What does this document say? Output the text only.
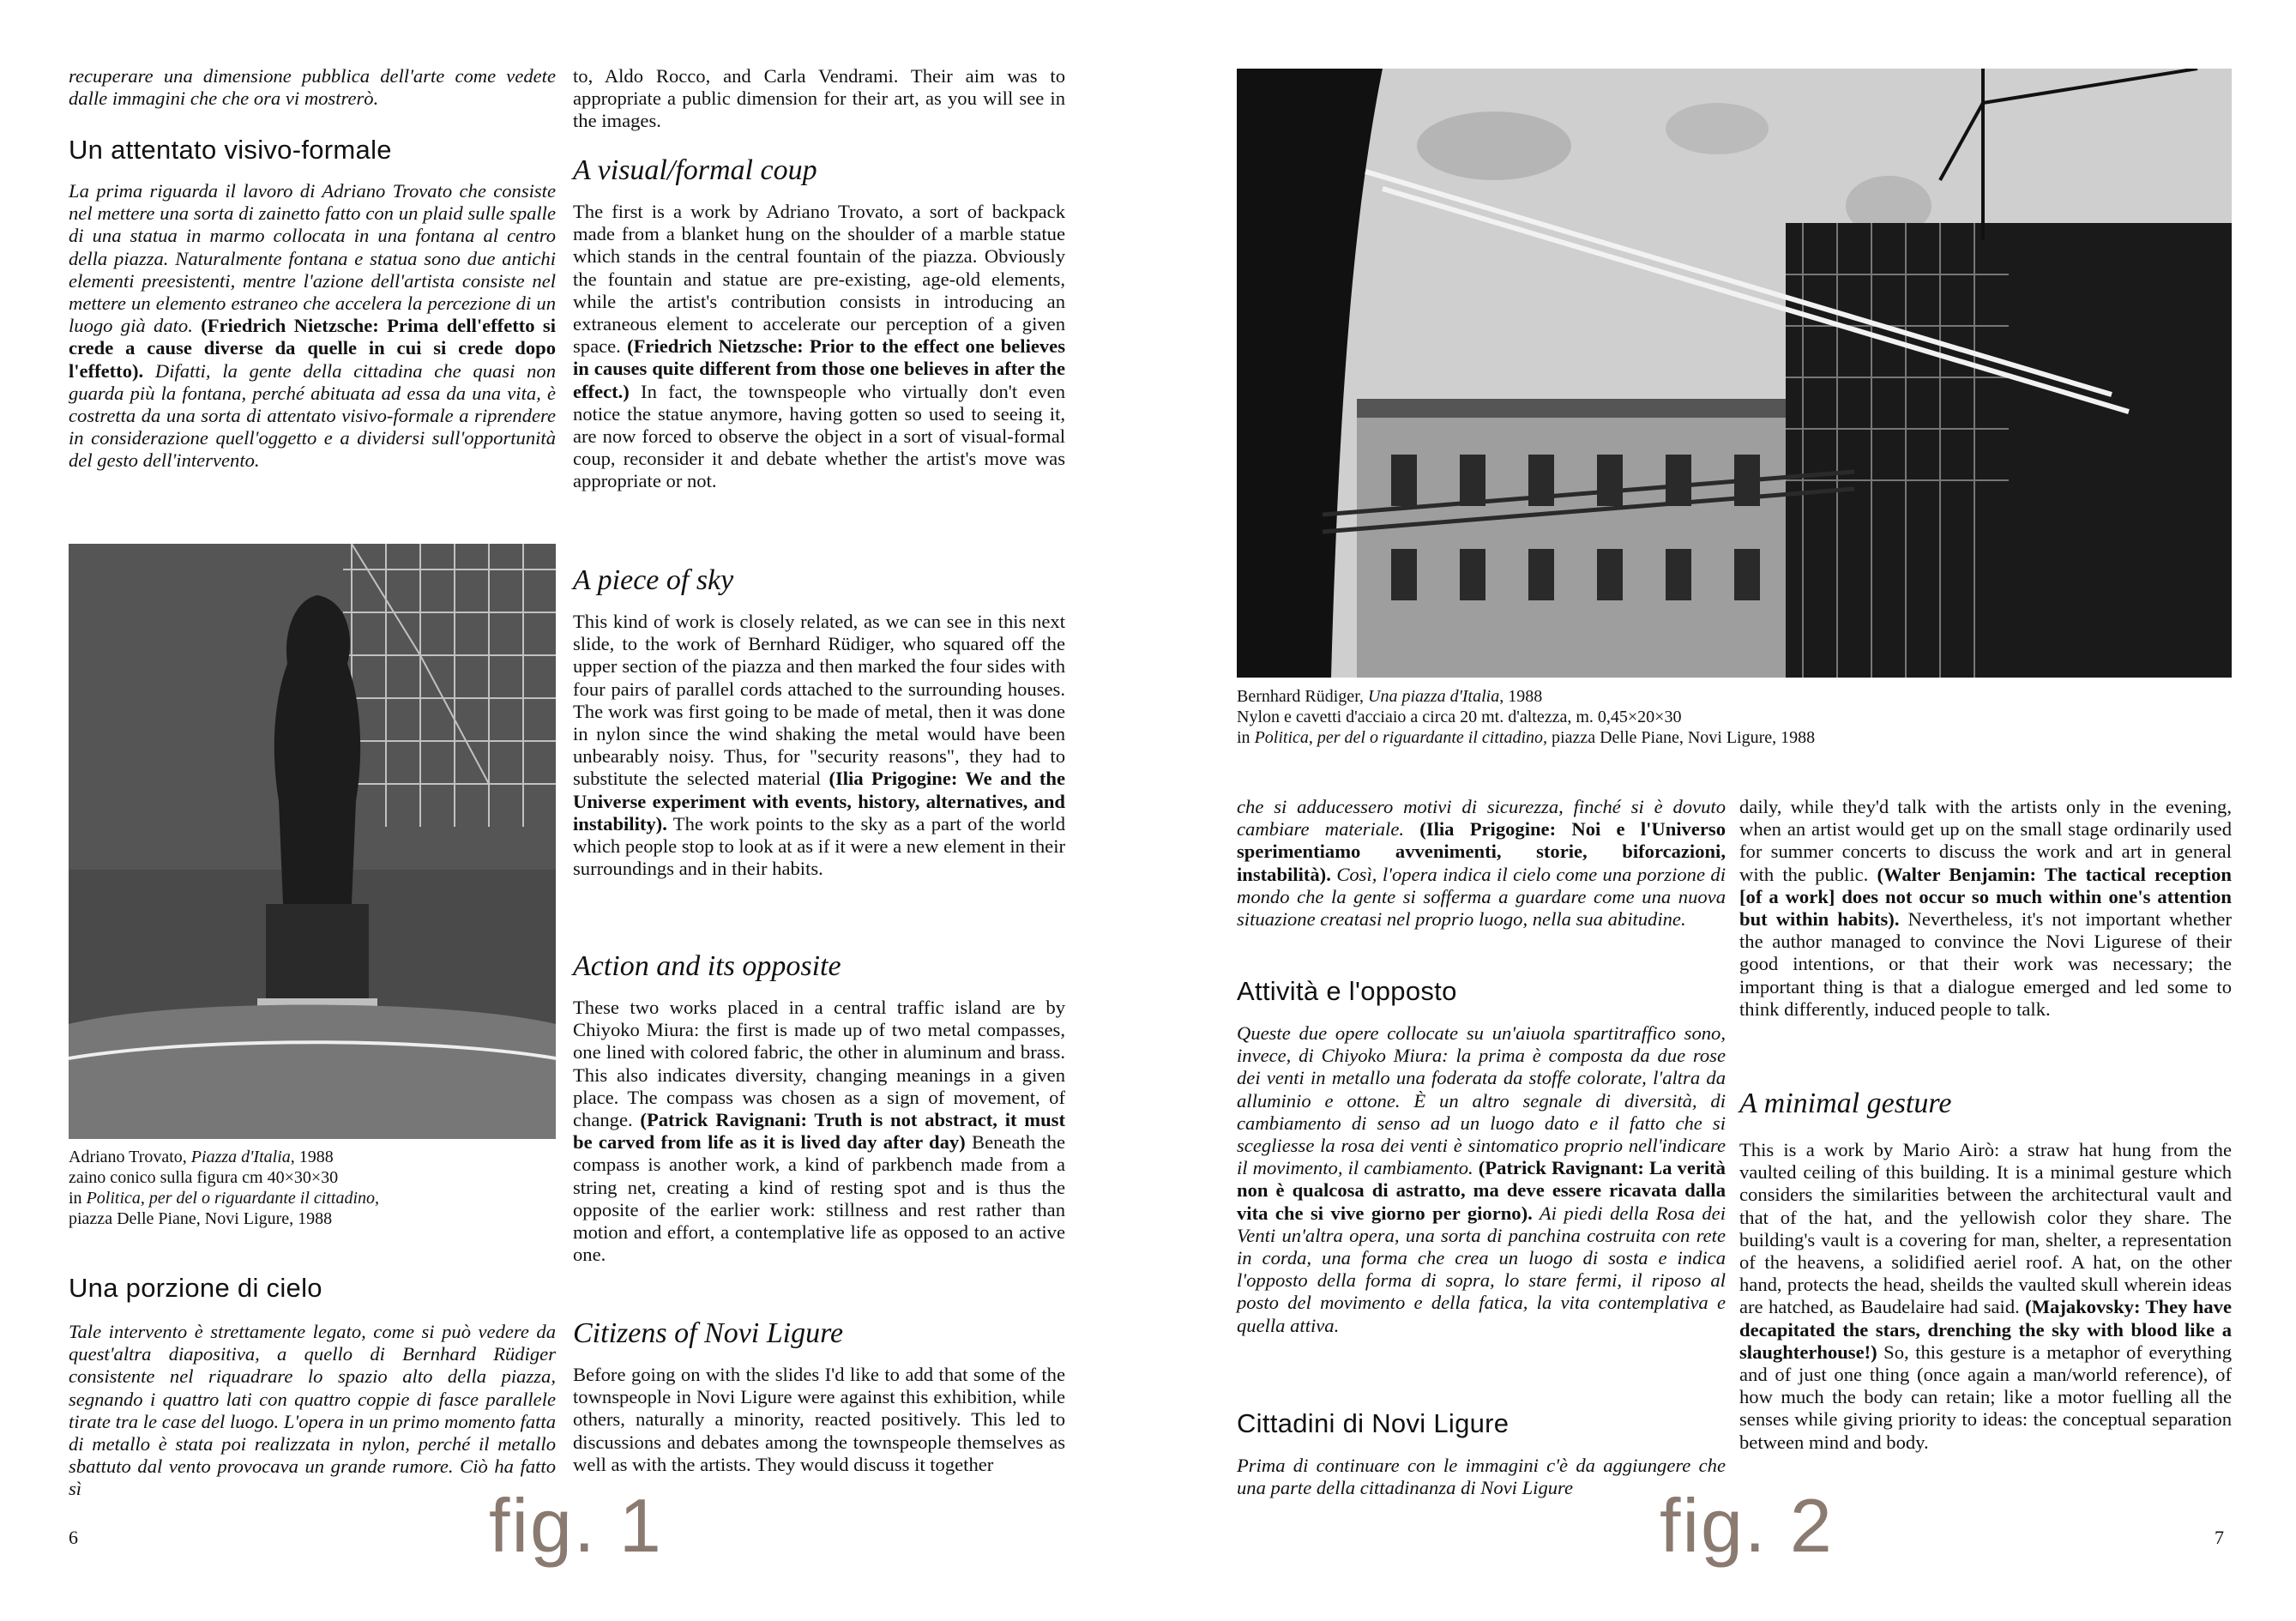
recuperare una dimensione pubblica dell'arte come vedete dalle immagini che che ora vi mostrerò.

Un attentato visivo-formale

La prima riguarda il lavoro di Adriano Trovato che consiste nel mettere una sorta di zainetto fatto con un plaid sulle spalle di una statua in marmo collocata in una fontana al centro della piazza. Naturalmente fontana e statua sono due antichi elementi preesistenti, mentre l'azione dell'artista consiste nel mettere un elemento estraneo che accelera la percezione di un luogo già dato. (Friedrich Nietzsche: Prima dell'effetto si crede a cause diverse da quelle in cui si crede dopo l'effetto). Difatti, la gente della cittadina che quasi non guarda più la fontana, perché abituata ad essa da una vita, è costretta da una sorta di attentato visivo-formale a riprendere in considerazione quell'oggetto e a dividersi sull'opportunità del gesto dell'intervento.

Adriano Trovato, Piazza d'Italia, 1988
zaino conico sulla figura cm 40×30×30
in Politica, per del o riguardante il cittadino,
piazza Delle Piane, Novi Ligure, 1988
Una porzione di cielo

Tale intervento è strettamente legato, come si può vedere da quest'altra diapositiva, a quello di Bernhard Rüdiger consistente nel riquadrare lo spazio alto della piazza, segnando i quattro lati con quattro coppie di fasce parallele tirate tra le case del luogo. L'opera in un primo momento fatta di metallo è stata poi realizzata in nylon, perché il metallo sbattuto dal vento provocava un grande rumore. Ciò ha fatto sì

6	fig. 1

to, Aldo Rocco, and Carla Vendrami. Their aim was to appropriate a public dimension for their art, as you will see in the images.

A visual/formal coup

The first is a work by Adriano Trovato, a sort of backpack made from a blanket hung on the shoulder of a marble statue which stands in the central fountain of the piazza. Obviously the fountain and statue are pre-existing, age-old elements, while the artist's contribution consists in introducing an extraneous element to accelerate our perception of a given space. (Friedrich Nietzsche: Prior to the effect one believes in causes quite different from those one believes in after the effect.) In fact, the townspeople who virtually don't even notice the statue anymore, having gotten so used to seeing it, are now forced to observe the object in a sort of visual-formal coup, reconsider it and debate whether the artist's move was appropriate or not.

A piece of sky

This kind of work is closely related, as we can see in this next slide, to the work of Bernhard Rüdiger, who squared off the upper section of the piazza and then marked the four sides with four pairs of parallel cords attached to the surrounding houses. The work was first going to be made of metal, then it was done in nylon since the wind shaking the metal would have been unbearably noisy. Thus, for "security reasons", they had to substitute the selected material (Ilia Prigogine: We and the Universe experiment with events, history, alternatives, and instability). The work points to the sky as a part of the world which people stop to look at as if it were a new element in their surroundings and in their habits.

Action and its opposite

These two works placed in a central traffic island are by Chiyoko Miura: the first is made up of two metal compasses, one lined with colored fabric, the other in aluminum and brass. This also indicates diversity, changing meanings in a given place. The compass was chosen as a sign of movement, of change. (Patrick Ravignani: Truth is not abstract, it must be carved from life as it is lived day after day) Beneath the compass is another work, a kind of parkbench made from a string net, creating a kind of resting spot and is thus the opposite of the earlier work: stillness and rest rather than motion and effort, a contemplative life as opposed to an active one.

Citizens of Novi Ligure

Before going on with the slides I'd like to add that some of the townspeople in Novi Ligure were against this exhibition, while others, naturally a minority, reacted positively. This led to discussions and debates among the townspeople themselves as well as with the artists. They would discuss it together

Bernhard Rüdiger, Una piazza d'Italia, 1988
Nylon e cavetti d'acciaio a circa 20 mt. d'altezza, m. 0,45×20×30
in Politica, per del o riguardante il cittadino, piazza Delle Piane, Novi Ligure, 1988

che si adducessero motivi di sicurezza, finché si è dovuto cambiare materiale. (Ilia Prigogine: Noi e l'Universo sperimentiamo avvenimenti, storie, biforcazioni, instabilità). Così, l'opera indica il cielo come una porzione di mondo che la gente si sofferma a guardare come una nuova situazione creatasi nel proprio luogo, nella sua abitudine.

Attività e l'opposto

Queste due opere collocate su un'aiuola spartitraffico sono, invece, di Chiyoko Miura: la prima è composta da due rose dei venti in metallo una foderata da stoffe colorate, l'altra da alluminio e ottone. È un altro segnale di diversità, di cambiamento di senso ad un luogo dato e il fatto che si scegliesse la rosa dei venti è sintomatico proprio nell'indicare il movimento, il cambiamento. (Patrick Ravignant: La verità non è qualcosa di astratto, ma deve essere ricavata dalla vita che si vive giorno per giorno). Ai piedi della Rosa dei Venti un'altra opera, una sorta di panchina costruita con rete in corda, una forma che crea un luogo di sosta e indica l'opposto della forma di sopra, lo stare fermi, il riposo al posto del movimento e della fatica, la vita contemplativa e quella attiva.

Cittadini di Novi Ligure

Prima di continuare con le immagini c'è da aggiungere che una parte della cittadinanza di Novi Ligure	fig. 2

daily, while they'd talk with the artists only in the evening, when an artist would get up on the small stage ordinarily used for summer concerts to discuss the work and art in general with the public. (Walter Benjamin: The tactical reception [of a work] does not occur so much within one's attention but within habits). Nevertheless, it's not important whether the author managed to convince the Novi Ligurese of their good intentions, or that their work was necessary; the important thing is that a dialogue emerged and led some to think differently, induced people to talk.

A minimal gesture

This is a work by Mario Airò: a straw hat hung from the vaulted ceiling of this building. It is a minimal gesture which considers the similarities between the architectural vault and that of the hat, and the yellowish color they share. The building's vault is a covering for man, shelter, a representation of the heavens, a solidified aeriel roof. A hat, on the other hand, protects the head, sheilds the vaulted skull wherein ideas are hatched, as Baudelaire had said. (Majakovsky: They have decapitated the stars, drenching the sky with blood like a slaughterhouse!) So, this gesture is a metaphor of everything and of just one thing (once again a man/world reference), of how much the body can retain; like a motor fuelling all the senses while giving priority to ideas: the conceptual separation between mind and body.

7
